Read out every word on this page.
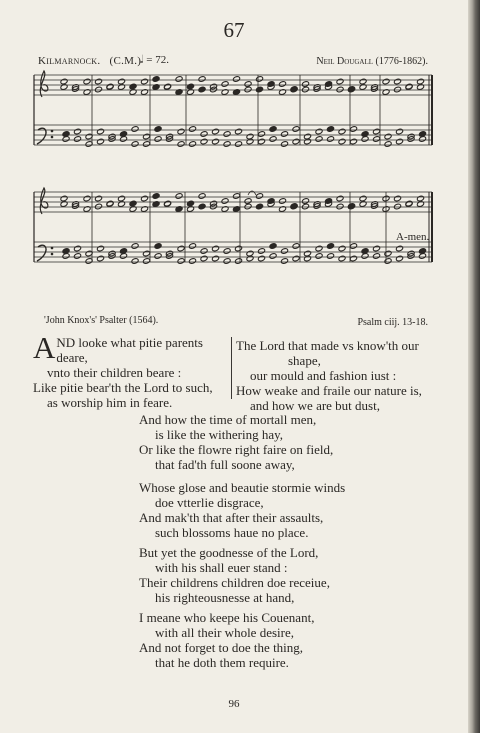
67
Kilmarnock. (C.M.)
𝅗𝅥 = 72.	Neil Dougall (1776-1862).
A-men.
'John Knox's' Psalter (1564).	Psalm ciij. 13-18.
A ND looke what pitie parents
deare,
vnto their children beare :
Like pitie bear'th the Lord to such,
as worship him in feare.
The Lord that made vs know'th our
shape,
our mould and fashion iust :
How weake and fraile our nature is,
and how we are but dust,
And how the time of mortall men,
is like the withering hay,
Or like the flowre right faire on field,
that fad'th full soone away,
Whose glose and beautie stormie winds
doe vtterlie disgrace,
And mak'th that after their assaults,
such blossoms haue no place.
But yet the goodnesse of the Lord,
with his shall euer stand :
Their childrens children doe receiue,
his righteousnesse at hand,
I meane who keepe his Couenant,
with all their whole desire,
And not forget to doe the thing,
that he doth them require.
96
